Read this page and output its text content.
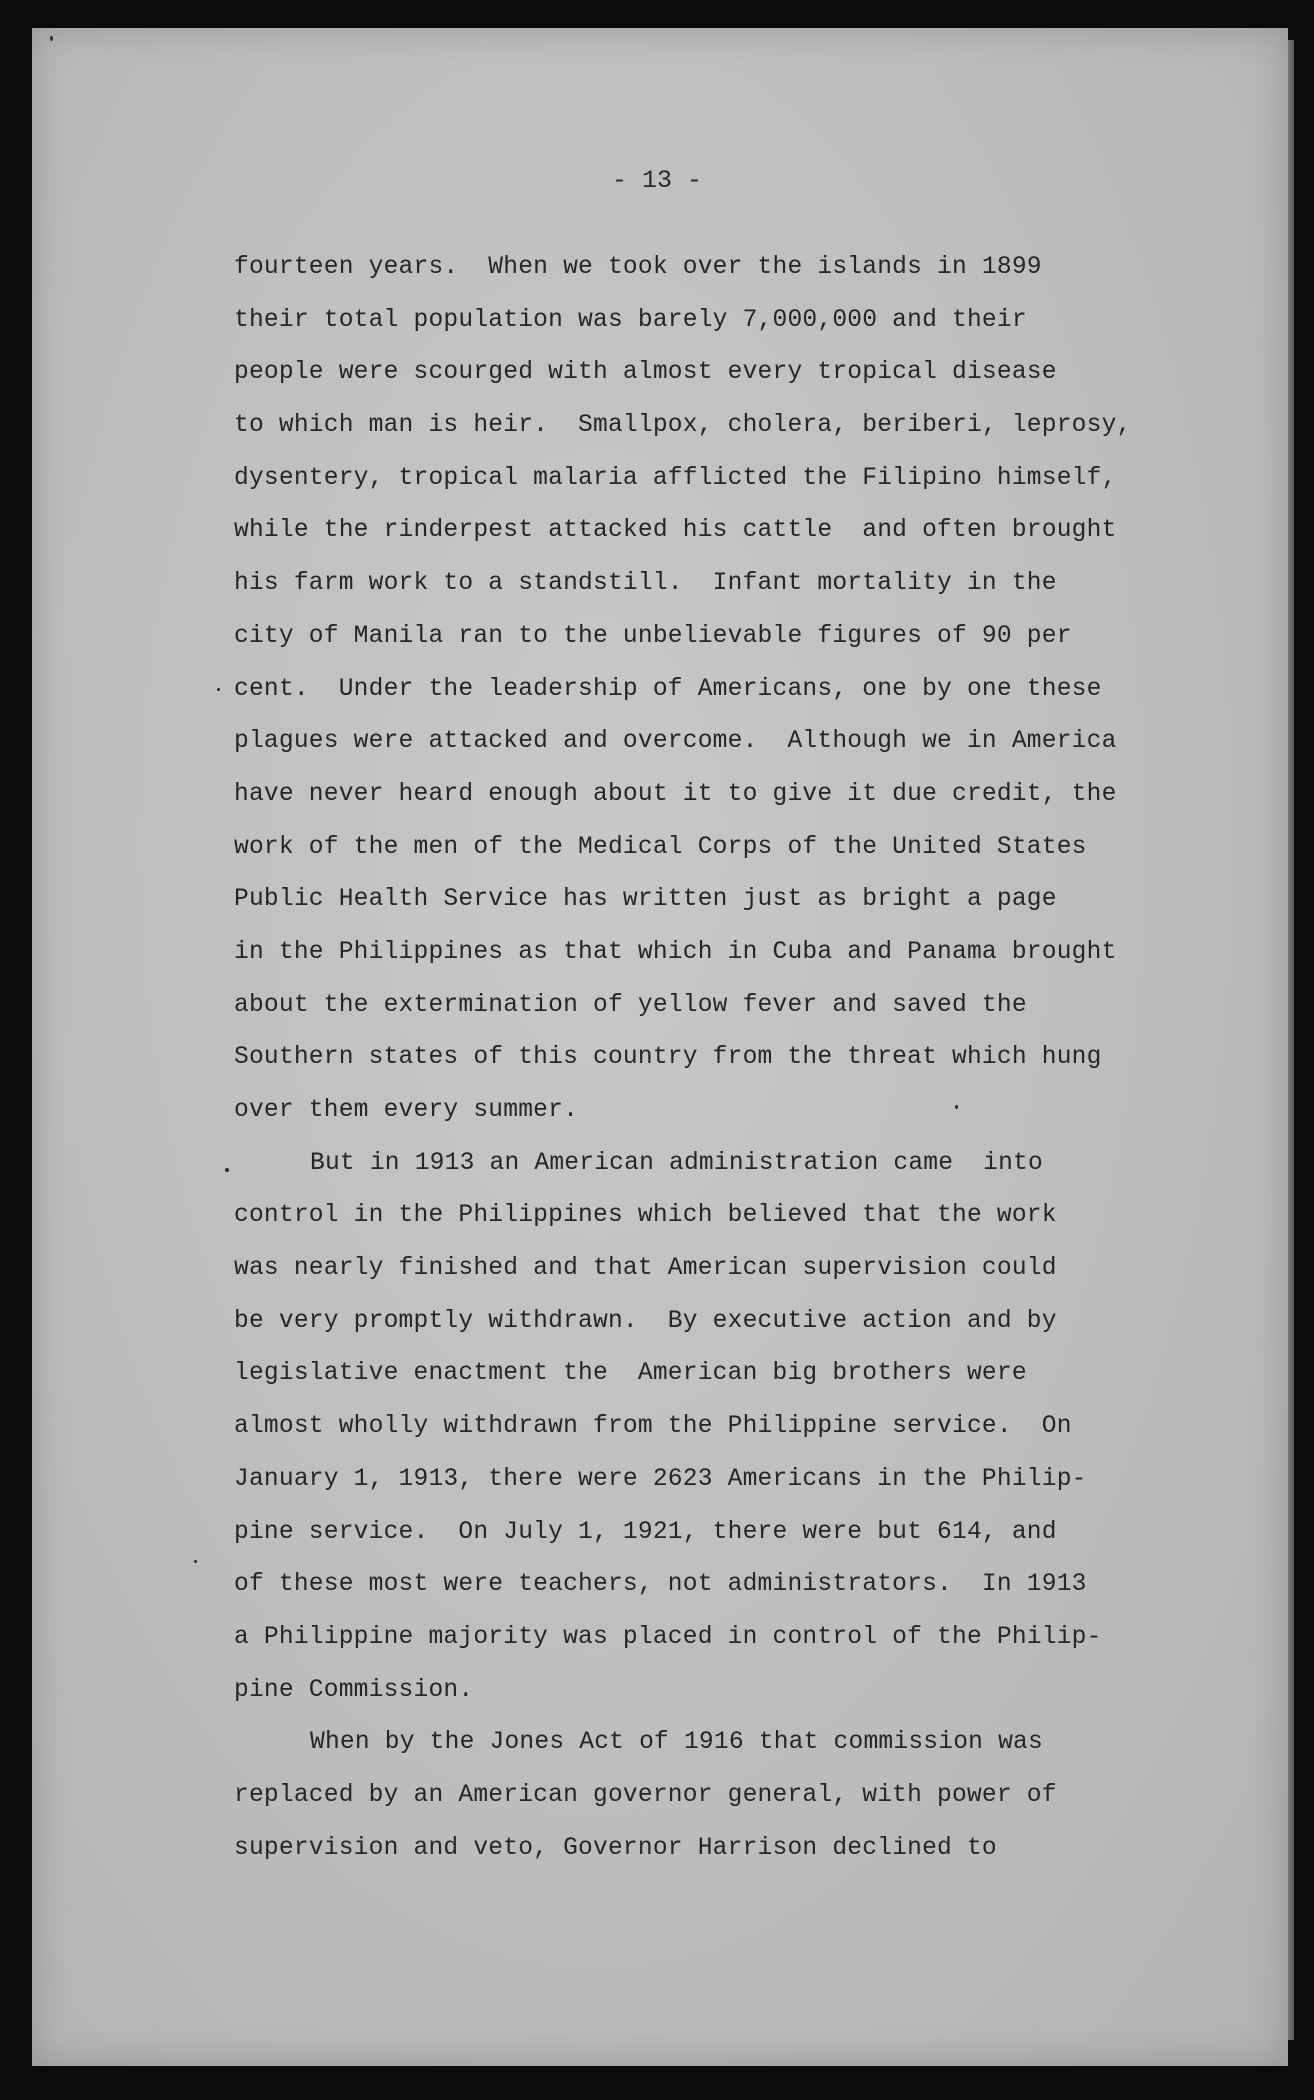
- 13 -
fourteen years.  When we took over the islands in 1899
their total population was barely 7,000,000 and their
people were scourged with almost every tropical disease
to which man is heir.  Smallpox, cholera, beriberi, leprosy,
dysentery, tropical malaria afflicted the Filipino himself,
while the rinderpest attacked his cattle  and often brought
his farm work to a standstill.  Infant mortality in the
city of Manila ran to the unbelievable figures of 90 per
cent.  Under the leadership of Americans, one by one these
plagues were attacked and overcome.  Although we in America
have never heard enough about it to give it due credit, the
work of the men of the Medical Corps of the United States
Public Health Service has written just as bright a page
in the Philippines as that which in Cuba and Panama brought
about the extermination of yellow fever and saved the
Southern states of this country from the threat which hung
over them every summer.
But in 1913 an American administration came  into
control in the Philippines which believed that the work
was nearly finished and that American supervision could
be very promptly withdrawn.  By executive action and by
legislative enactment the  American big brothers were
almost wholly withdrawn from the Philippine service.  On
January 1, 1913, there were 2623 Americans in the Philip-
pine service.  On July 1, 1921, there were but 614, and
of these most were teachers, not administrators.  In 1913
a Philippine majority was placed in control of the Philip-
pine Commission.
When by the Jones Act of 1916 that commission was
replaced by an American governor general, with power of
supervision and veto, Governor Harrison declined to
